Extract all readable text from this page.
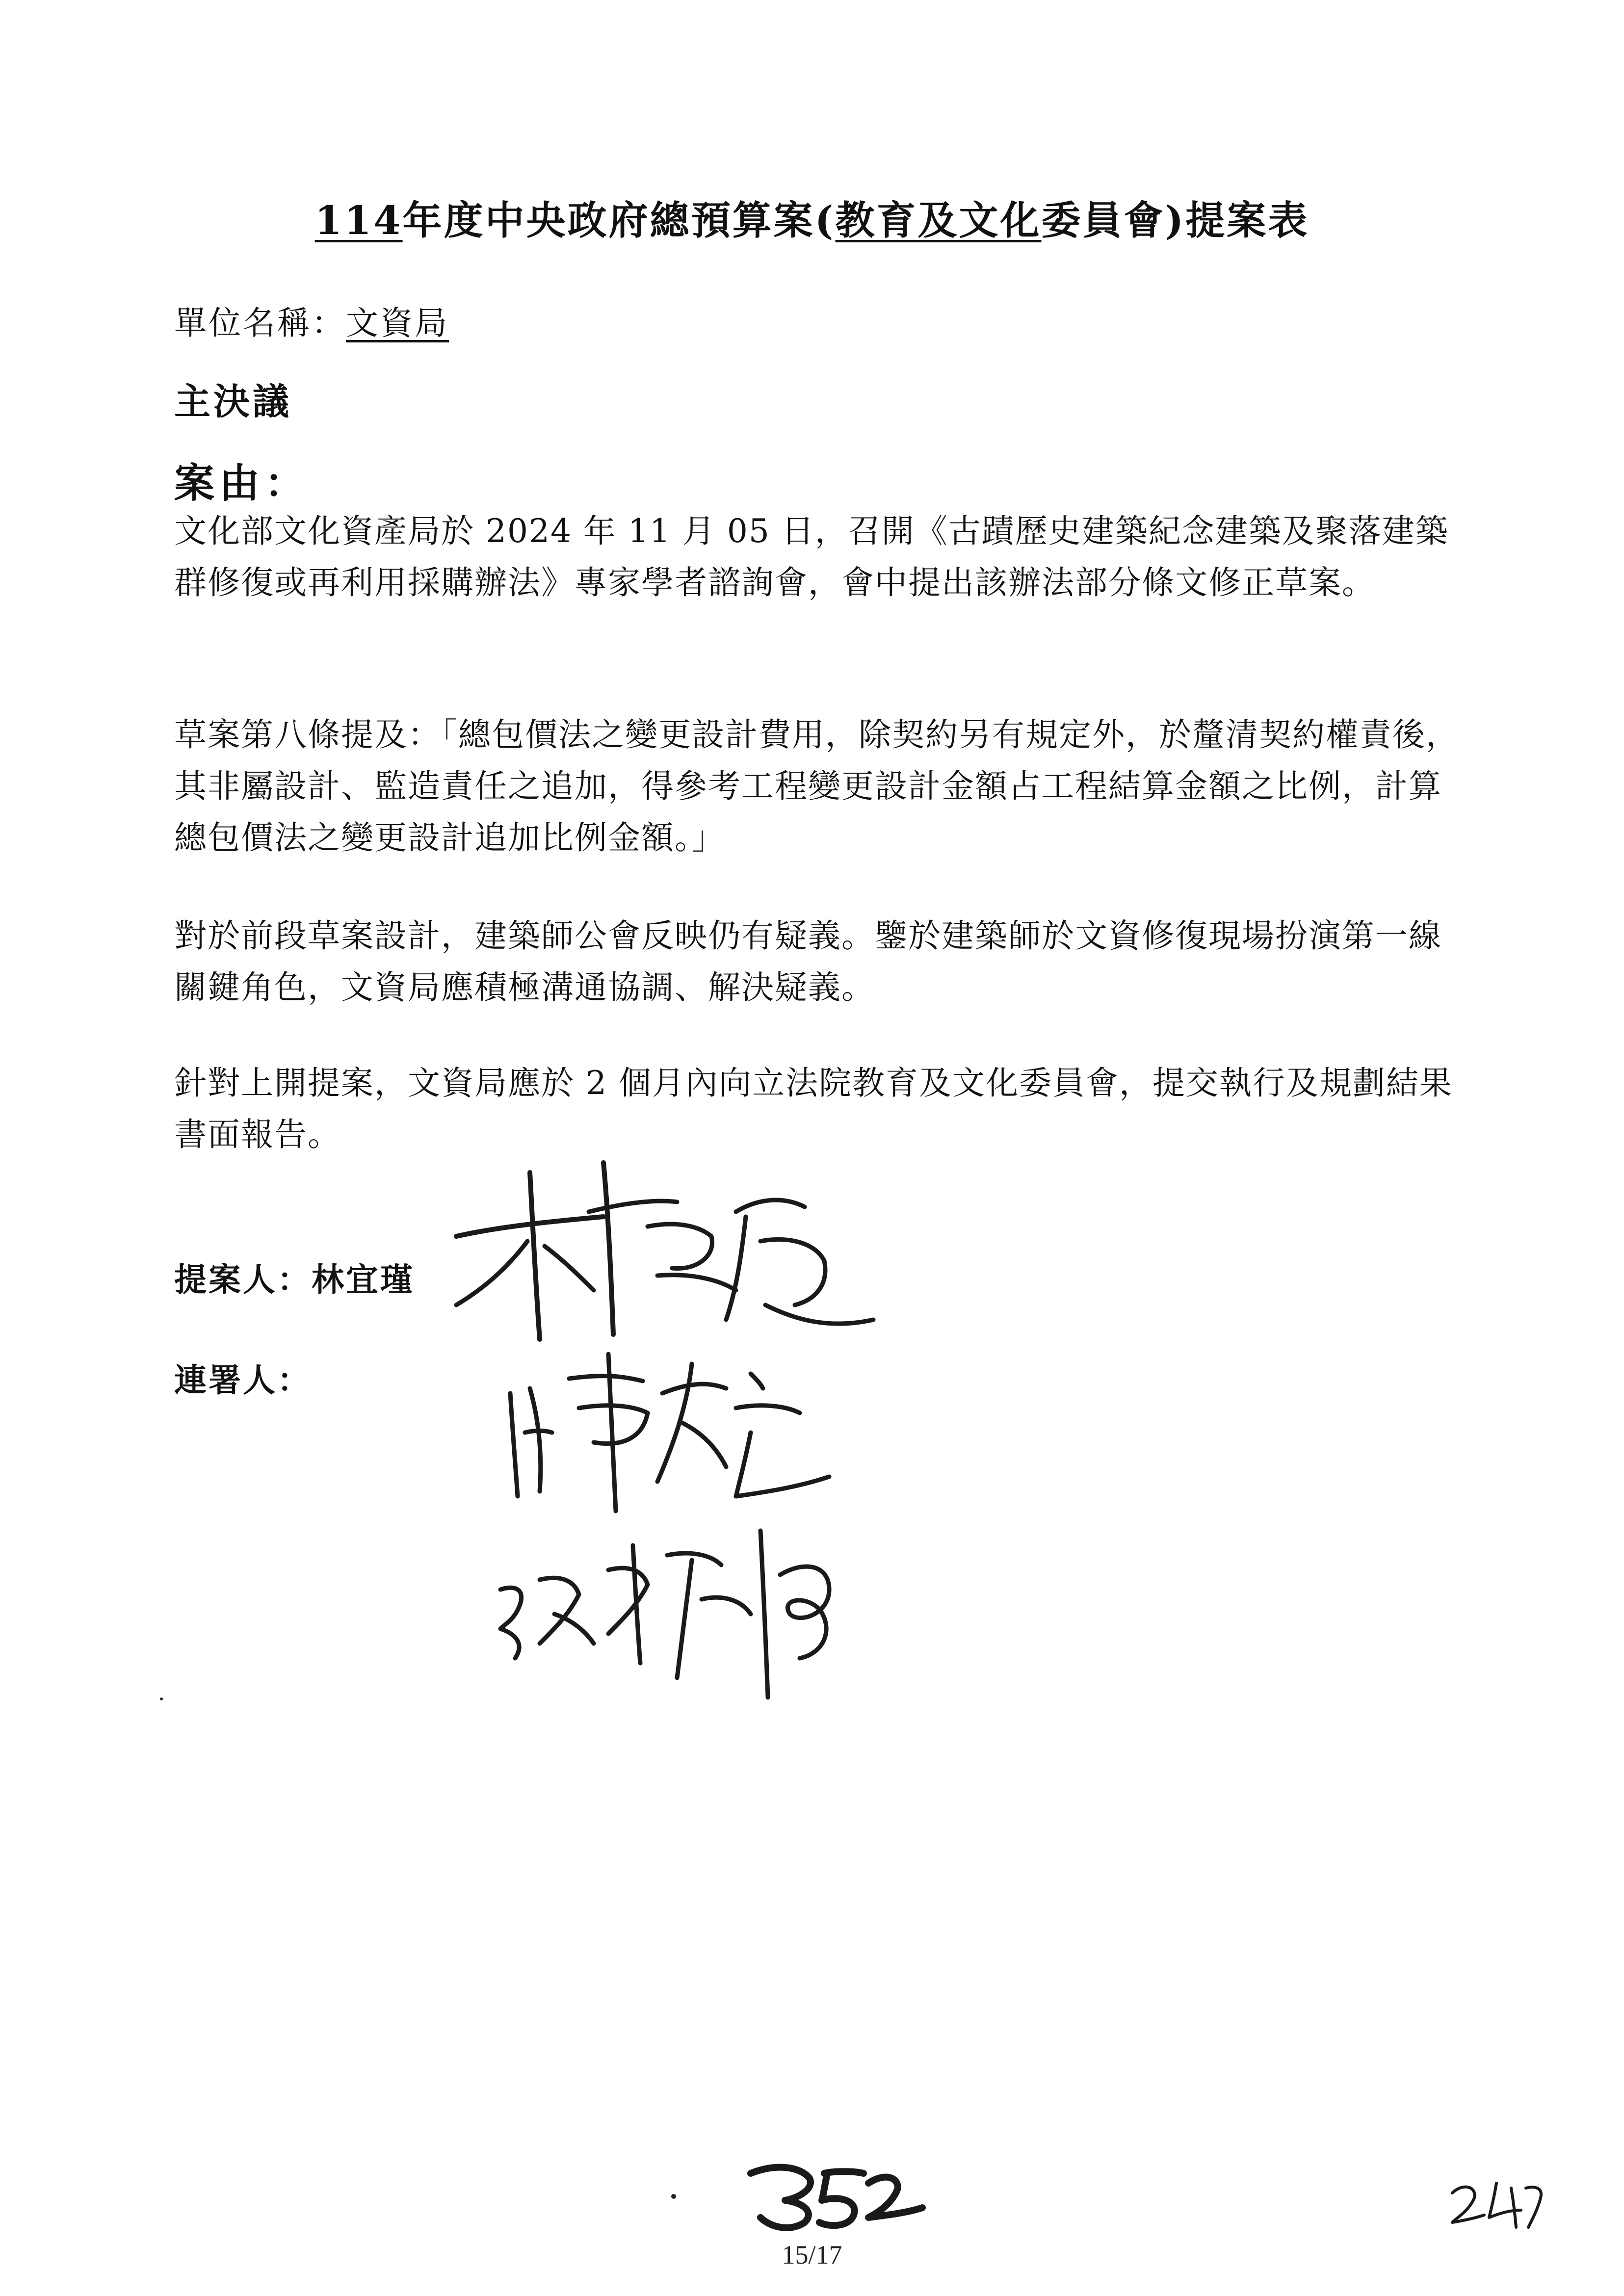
114年度中央政府總預算案(教育及文化委員會)提案表
單位名稱：文資局
主決議
案由：

文化部文化資產局於 2024 年 11 月 05 日，召開《古蹟歷史建築紀念建築及聚落建築群修復或再利用採購辦法》專家學者諮詢會，會中提出該辦法部分條文修正草案。

草案第八條提及：「總包價法之變更設計費用，除契約另有規定外，於釐清契約權責後，其非屬設計、監造責任之追加，得參考工程變更設計金額占工程結算金額之比例，計算總包價法之變更設計追加比例金額。」

對於前段草案設計，建築師公會反映仍有疑義。鑒於建築師於文資修復現場扮演第一線關鍵角色，文資局應積極溝通協調、解決疑義。

針對上開提案，文資局應於 2 個月內向立法院教育及文化委員會，提交執行及規劃結果書面報告。

提案人：林宜瑾
連署人：
15/17
